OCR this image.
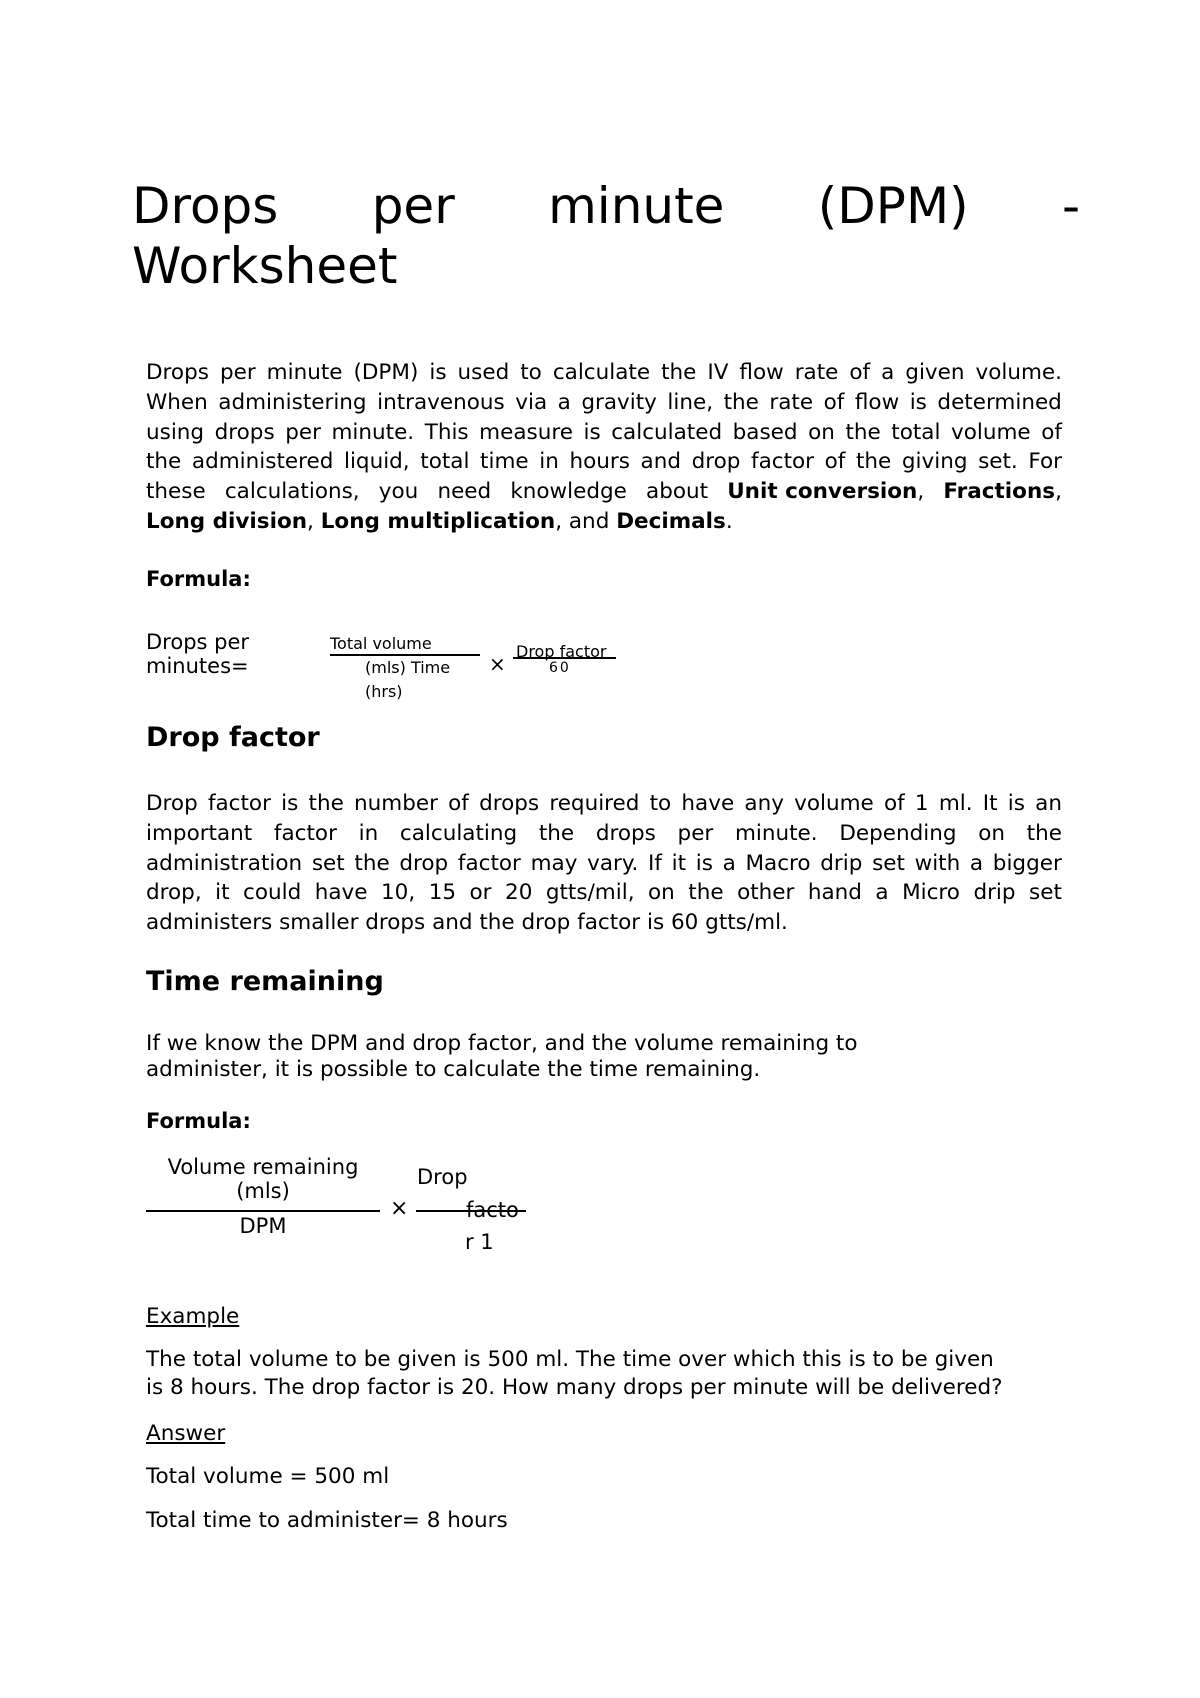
Drops per minute (DPM) -
Worksheet
Drops per minute (DPM) is used to calculate the IV flow rate of a given volume.
When administering intravenous via a gravity line, the rate of flow is determined
using drops per minute. This measure is calculated based on the total volume of
the administered liquid, total time in hours and drop factor of the giving set. For
these calculations, you need knowledge about Unit conversion, Fractions,
Long division ,
Long multiplication , and
Decimals .
Formula:
Drops per
minutes=
Total volume
(mls) Time
(hrs)
×
Drop factor
60
Drop factor
Drop factor is the number of drops required to have any volume of 1 ml. It is an
important factor in calculating the drops per minute. Depending on the
administration set the drop factor may vary. If it is a Macro drip set with a bigger
drop, it could have 10, 15 or 20 gtts/mil, on the other hand a Micro drip set
administers smaller drops and the drop factor is 60 gtts/ml.
Time remaining
If we know the DPM and drop factor, and the volume remaining to
administer, it is possible to calculate the time remaining.
Formula:
Volume remaining
(mls)
DPM
×
Drop
facto
r 1
Example
The total volume to be given is 500 ml. The time over which this is to be given
is 8 hours. The drop factor is 20. How many drops per minute will be delivered?
Answer
Total volume = 500 ml
Total time to administer= 8 hours
